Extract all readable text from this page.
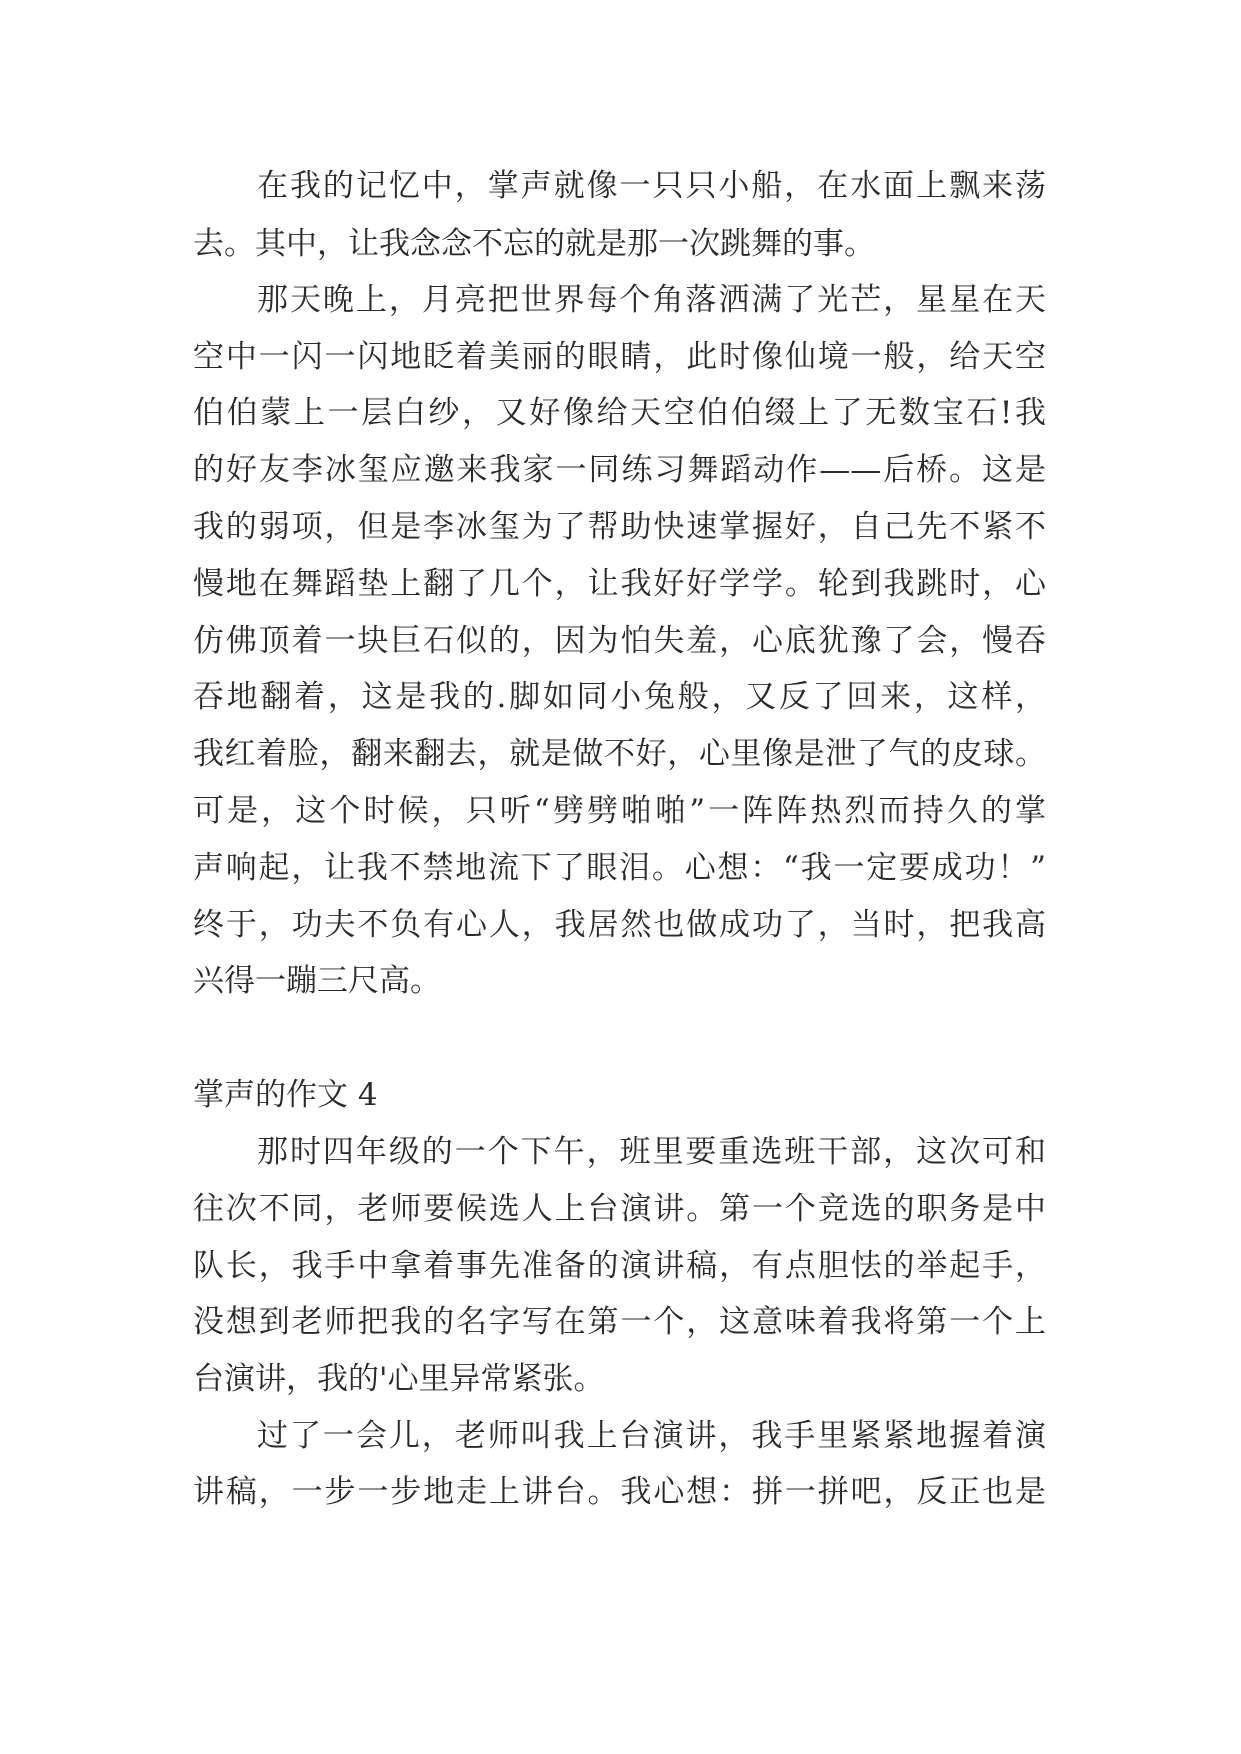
在我的记忆中，掌声就像一只只小船，在水面上飘来荡

去。其中，让我念念不忘的就是那一次跳舞的事。

那天晚上，月亮把世界每个角落洒满了光芒，星星在天

空中一闪一闪地眨着美丽的眼睛，此时像仙境一般，给天空

伯伯蒙上一层白纱，又好像给天空伯伯缀上了无数宝石!我

的好友李冰玺应邀来我家一同练习舞蹈动作——后桥。这是

我的弱项，但是李冰玺为了帮助快速掌握好，自己先不紧不

慢地在舞蹈垫上翻了几个，让我好好学学。轮到我跳时，心

仿佛顶着一块巨石似的，因为怕失羞，心底犹豫了会，慢吞

吞地翻着，这是我的.脚如同小兔般，又反了回来，这样，

我红着脸，翻来翻去，就是做不好，心里像是泄了气的皮球。

可是，这个时候，只听“劈劈啪啪”一阵阵热烈而持久的掌

声响起，让我不禁地流下了眼泪。心想：“我一定要成功！”

终于，功夫不负有心人，我居然也做成功了，当时，把我高

兴得一蹦三尺高。

掌声的作文 4

那时四年级的一个下午，班里要重选班干部，这次可和

往次不同，老师要候选人上台演讲。第一个竞选的职务是中

队长，我手中拿着事先准备的演讲稿，有点胆怯的举起手，

没想到老师把我的名字写在第一个，这意味着我将第一个上

台演讲，我的'心里异常紧张。

过了一会儿，老师叫我上台演讲，我手里紧紧地握着演

讲稿，一步一步地走上讲台。我心想：拼一拼吧，反正也是
